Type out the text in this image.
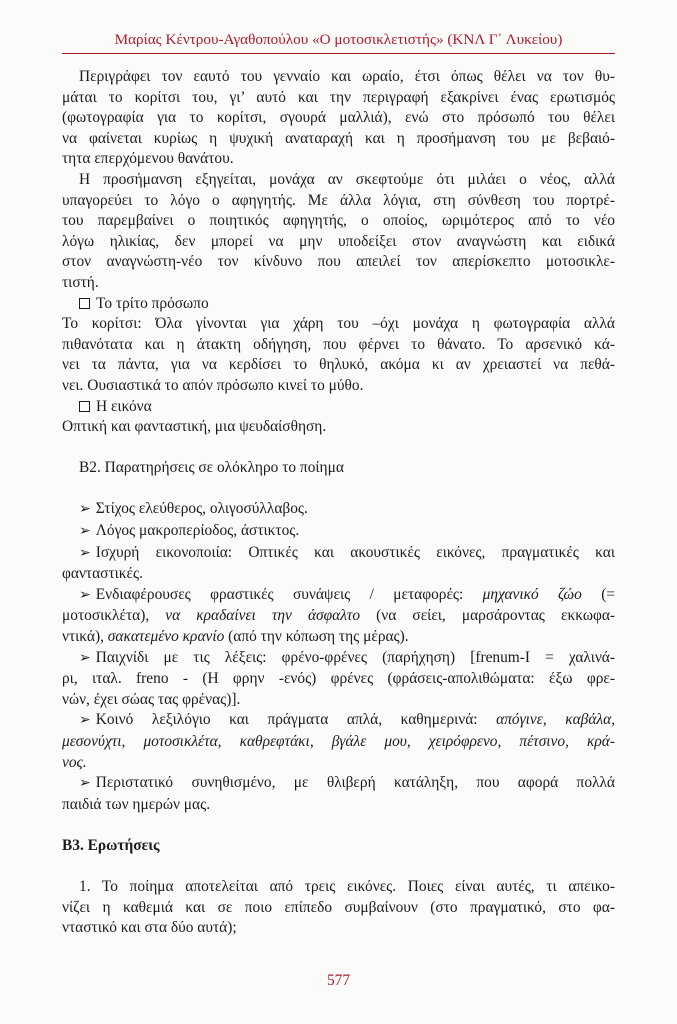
Μαρίας Κέντρου-Αγαθοπούλου «Ο μοτοσικλετιστής» (ΚΝΛ Γ΄ Λυκείου)
Περιγράφει τον εαυτό του γενναίο και ωραίο, έτσι όπως θέλει να τον θυ-
μάται το κορίτσι του, γι’ αυτό και την περιγραφή εξακρίνει ένας ερωτισμός
(φωτογραφία για το κορίτσι, σγουρά μαλλιά), ενώ στο πρόσωπό του θέλει
να φαίνεται κυρίως η ψυχική αναταραχή και η προσήμανση του με βεβαιό-
τητα επερχόμενου θανάτου.
Η προσήμανση εξηγείται, μονάχα αν σκεφτούμε ότι μιλάει ο νέος, αλλά
υπαγορεύει το λόγο ο αφηγητής. Με άλλα λόγια, στη σύνθεση του πορτρέ-
του παρεμβαίνει ο ποιητικός αφηγητής, ο οποίος, ωριμότερος από το νέο
λόγω ηλικίας, δεν μπορεί να μην υποδείξει στον αναγνώστη και ειδικά
στον αναγνώστη-νέο τον κίνδυνο που απειλεί τον απερίσκεπτο μοτοσικλε-
τιστή.
Το τρίτο πρόσωπο
Το κορίτσι: Όλα γίνονται για χάρη του –όχι μονάχα η φωτογραφία αλλά
πιθανότατα και η άτακτη οδήγηση, που φέρνει το θάνατο. Το αρσενικό κά-
νει τα πάντα, για να κερδίσει το θηλυκό, ακόμα κι αν χρειαστεί να πεθά-
νει. Ουσιαστικά το απόν πρόσωπο κινεί το μύθο.
Η εικόνα
Οπτική και φανταστική, μια ψευδαίσθηση.
Β2. Παρατηρήσεις σε ολόκληρο το ποίημα
➢ Στίχος ελεύθερος, ολιγοσύλλαβος.
➢ Λόγος μακροπερίοδος, άστικτος.
➢ Ισχυρή εικονοποιία: Οπτικές και ακουστικές εικόνες, πραγματικές και
φανταστικές.
➢ Ενδιαφέρουσες φραστικές συνάψεις / μεταφορές: μηχανικό ζώο (=
μοτοσικλέτα), να κραδαίνει την άσφαλτο (να σείει, μαρσάροντας εκκωφα-
ντικά), σακατεμένο κρανίο (από την κόπωση της μέρας).
➢ Παιχνίδι με τις λέξεις: φρένο-φρένες (παρήχηση) [frenum-I = χαλινά-
ρι, ιταλ. freno - (Η φρην -ενός) φρένες (φράσεις-απολιθώματα: έξω φρε-
νών, έχει σώας τας φρένας)].
➢ Κοινό λεξιλόγιο και πράγματα απλά, καθημερινά: απόγινε, καβάλα,
μεσονύχτι, μοτοσικλέτα, καθρεφτάκι, βγάλε μου, χειρόφρενο, πέτσινο, κρά-
νος.
➢ Περιστατικό συνηθισμένο, με θλιβερή κατάληξη, που αφορά πολλά
παιδιά των ημερών μας.
Β3. Ερωτήσεις
1. Το ποίημα αποτελείται από τρεις εικόνες. Ποιες είναι αυτές, τι απεικο-
νίζει η καθεμιά και σε ποιο επίπεδο συμβαίνουν (στο πραγματικό, στο φα-
νταστικό και στα δύο αυτά);
577
